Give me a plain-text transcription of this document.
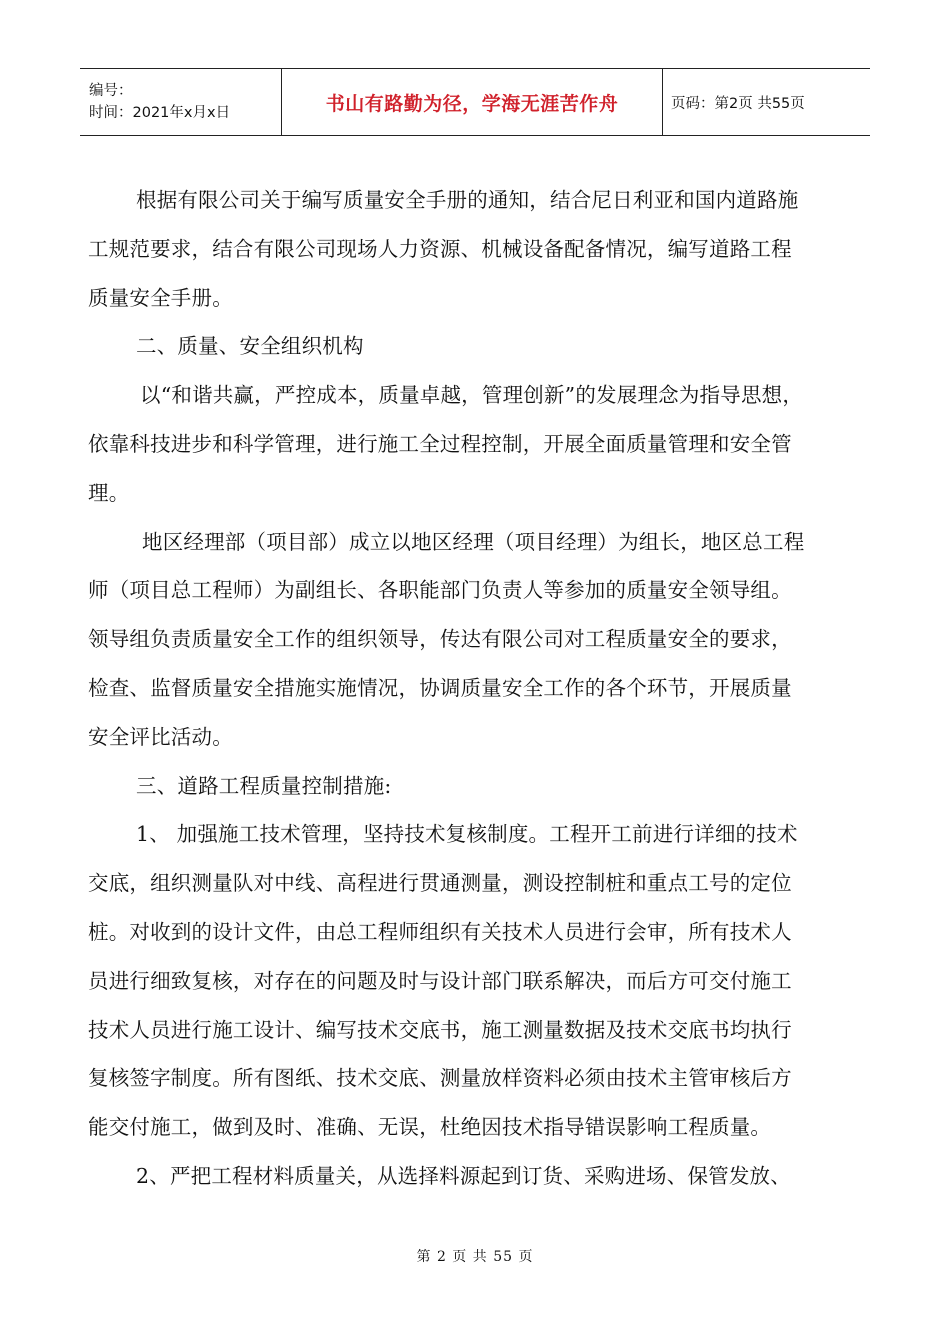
编号：
时间：2021年x月x日	书山有路勤为径，学海无涯苦作舟	页码：第2页 共55页

根据有限公司关于编写质量安全手册的通知，结合尼日利亚和国内道路施

工规范要求，结合有限公司现场人力资源、机械设备配备情况，编写道路工程

质量安全手册。

二、质量、安全组织机构

以“和谐共赢，严控成本，质量卓越，管理创新”的发展理念为指导思想，

依靠科技进步和科学管理，进行施工全过程控制，开展全面质量管理和安全管

理。

地区经理部（项目部）成立以地区经理（项目经理）为组长，地区总工程

师（项目总工程师）为副组长、各职能部门负责人等参加的质量安全领导组。

领导组负责质量安全工作的组织领导，传达有限公司对工程质量安全的要求，

检查、监督质量安全措施实施情况，协调质量安全工作的各个环节，开展质量

安全评比活动。

三、道路工程质量控制措施:

1、 加强施工技术管理，坚持技术复核制度。工程开工前进行详细的技术

交底，组织测量队对中线、高程进行贯通测量，测设控制桩和重点工号的定位

桩。对收到的设计文件，由总工程师组织有关技术人员进行会审，所有技术人

员进行细致复核，对存在的问题及时与设计部门联系解决，而后方可交付施工

技术人员进行施工设计、编写技术交底书，施工测量数据及技术交底书均执行

复核签字制度。所有图纸、技术交底、测量放样资料必须由技术主管审核后方

能交付施工，做到及时、准确、无误，杜绝因技术指导错误影响工程质量。

2、严把工程材料质量关，从选择料源起到订货、采购进场、保管发放、

第 2 页 共 55 页
